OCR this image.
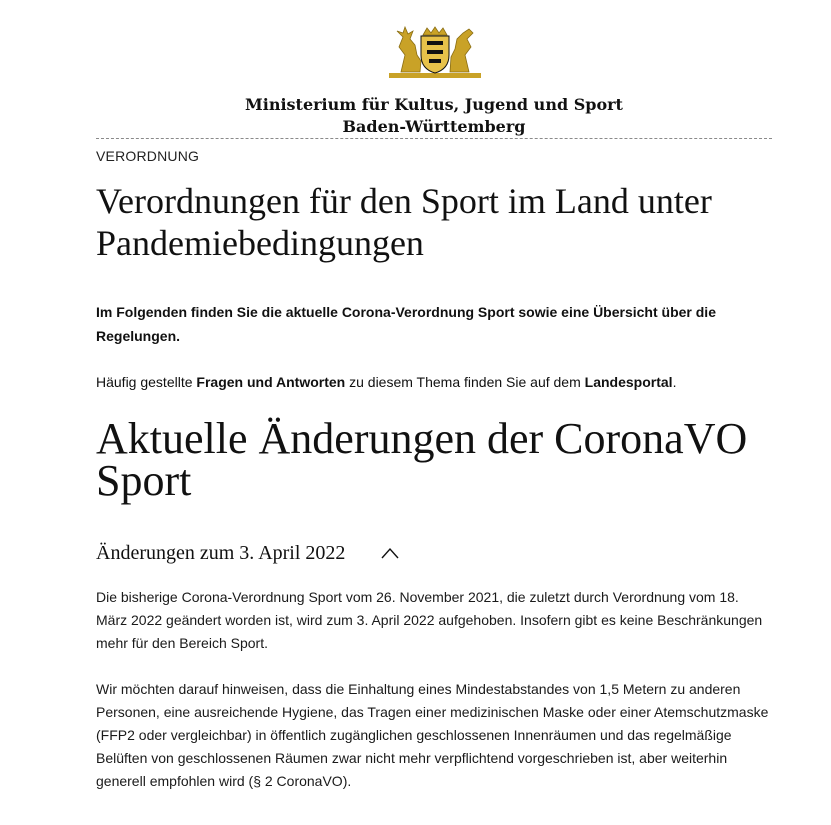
Ministerium für Kultus, Jugend und Sport
Baden-Württemberg
VERORDNUNG
Verordnungen für den Sport im Land unter Pandemiebedingungen

Im Folgenden finden Sie die aktuelle Corona-Verordnung Sport sowie eine Übersicht über die Regelungen.

Häufig gestellte Fragen und Antworten zu diesem Thema finden Sie auf dem Landesportal.

Aktuelle Änderungen der CoronaVO Sport
Änderungen zum 3. April 2022

Die bisherige Corona-Verordnung Sport vom 26. November 2021, die zuletzt durch Verordnung vom 18. März 2022 geändert worden ist, wird zum 3. April 2022 aufgehoben. Insofern gibt es keine Beschränkungen mehr für den Bereich Sport.

Wir möchten darauf hinweisen, dass die Einhaltung eines Mindestabstandes von 1,5 Metern zu anderen Personen, eine ausreichende Hygiene, das Tragen einer medizinischen Maske oder einer Atemschutzmaske (FFP2 oder vergleichbar) in öffentlich zugänglichen geschlossenen Innenräumen und das regelmäßige Belüften von geschlossenen Räumen zwar nicht mehr verpflichtend vorgeschrieben ist, aber weiterhin generell empfohlen wird (§ 2 CoronaVO).
